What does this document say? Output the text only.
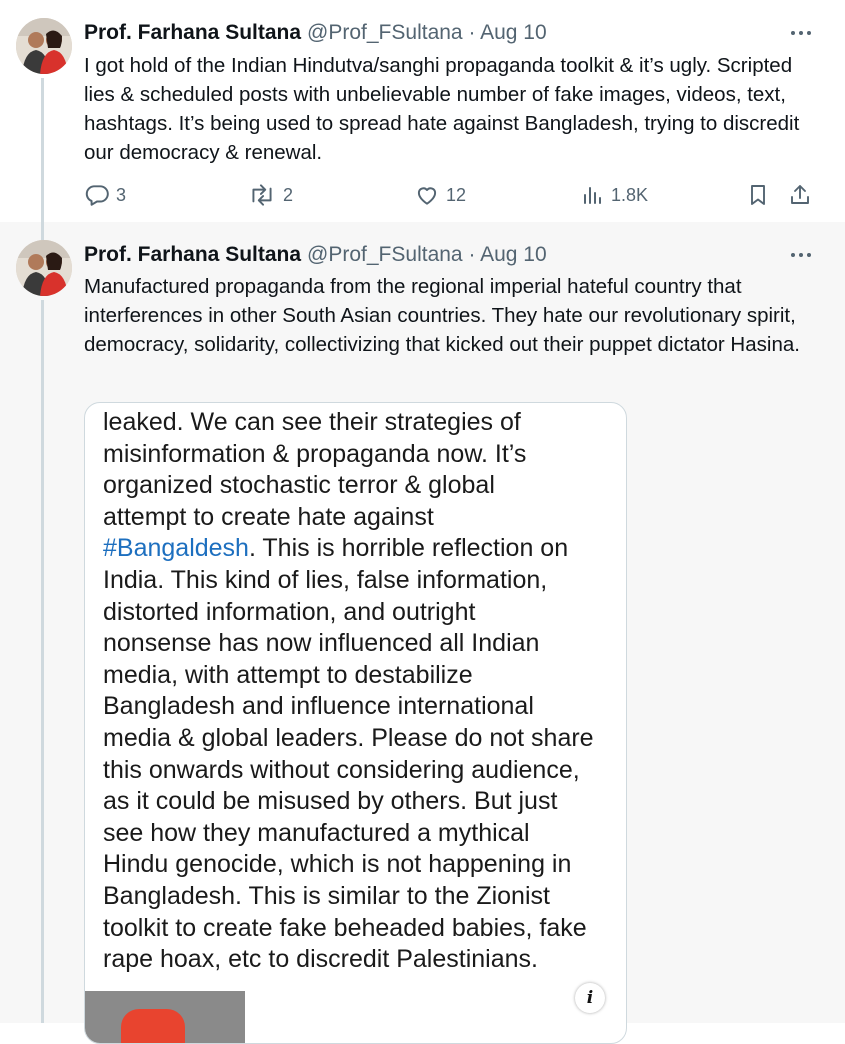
Prof. Farhana Sultana @Prof_FSultana · Aug 10
I got hold of the Indian Hindutva/sanghi propaganda toolkit & it’s ugly. Scripted lies & scheduled posts with unbelievable number of fake images, videos, text, hashtags. It’s being used to spread hate against Bangladesh, trying to discredit our democracy & renewal.
3	2	12	1.8K
Prof. Farhana Sultana @Prof_FSultana · Aug 10
Manufactured propaganda from the regional imperial hateful country that interferences in other South Asian countries. They hate our revolutionary spirit, democracy, solidarity, collectivizing that kicked out their puppet dictator Hasina.
leaked. We can see their strategies of
misinformation & propaganda now. It’s
organized stochastic terror & global
attempt to create hate against
#Bangaldesh. This is horrible reflection on
India. This kind of lies, false information,
distorted information, and outright
nonsense has now influenced all Indian
media, with attempt to destabilize
Bangladesh and influence international
media & global leaders. Please do not share
this onwards without considering audience,
as it could be misused by others. But just
see how they manufactured a mythical
Hindu genocide, which is not happening in
Bangladesh. This is similar to the Zionist
toolkit to create fake beheaded babies, fake
rape hoax, etc to discredit Palestinians.
i
